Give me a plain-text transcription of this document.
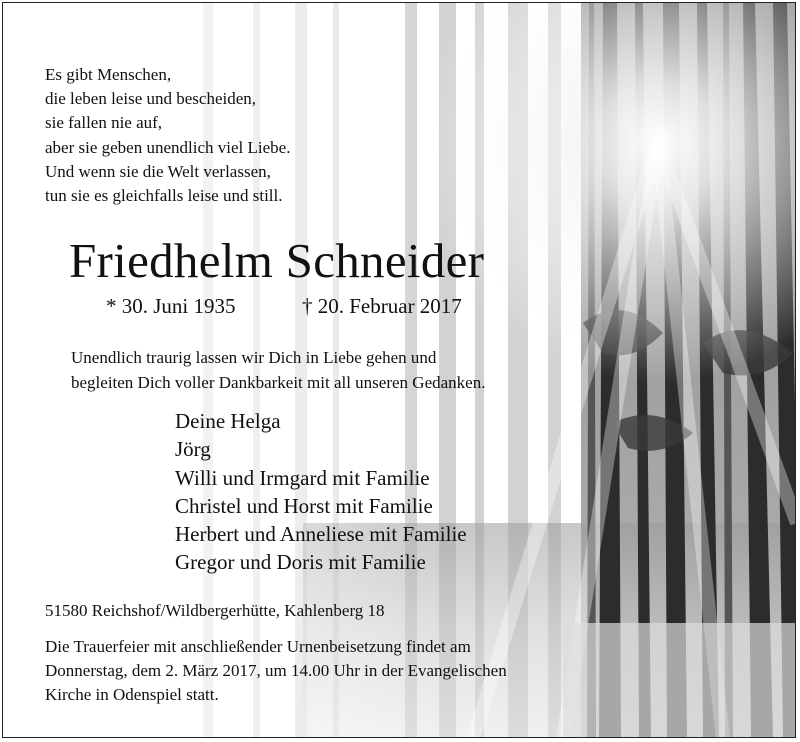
Es gibt Menschen,
die leben leise und bescheiden,
sie fallen nie auf,
aber sie geben unendlich viel Liebe.
Und wenn sie die Welt verlassen,
tun sie es gleichfalls leise und still.
Friedhelm Schneider
* 30. Juni 1935	† 20. Februar 2017
Unendlich traurig lassen wir Dich in Liebe gehen und
begleiten Dich voller Dankbarkeit mit all unseren Gedanken.
Deine Helga
Jörg
Willi und Irmgard mit Familie
Christel und Horst mit Familie
Herbert und Anneliese mit Familie
Gregor und Doris mit Familie
51580 Reichshof/Wildbergerhütte, Kahlenberg 18
Die Trauerfeier mit anschließender Urnenbeisetzung findet am
Donnerstag, dem 2. März 2017, um 14.00 Uhr in der Evangelischen
Kirche in Odenspiel statt.
